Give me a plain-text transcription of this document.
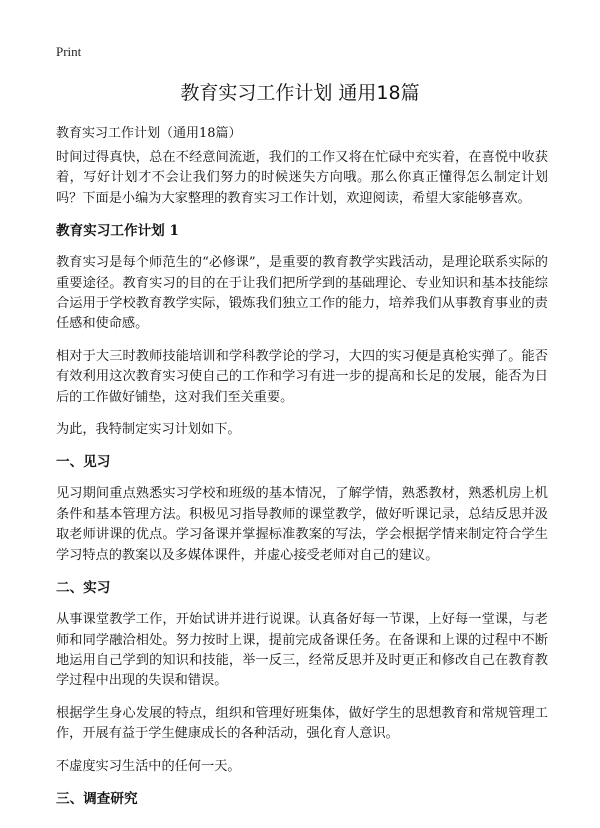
Print
教育实习工作计划 通用18篇
教育实习工作计划（通用18篇）

时间过得真快，总在不经意间流逝，我们的工作又将在忙碌中充实着，在喜悦中收获着，写好计划才不会让我们努力的时候迷失方向哦。那么你真正懂得怎么制定计划吗？下面是小编为大家整理的教育实习工作计划，欢迎阅读，希望大家能够喜欢。

教育实习工作计划 1

教育实习是每个师范生的“必修课”，是重要的教育教学实践活动，是理论联系实际的重要途径。教育实习的目的在于让我们把所学到的基础理论、专业知识和基本技能综合运用于学校教育教学实际，锻炼我们独立工作的能力，培养我们从事教育事业的责任感和使命感。

相对于大三时教师技能培训和学科教学论的学习，大四的实习便是真枪实弹了。能否有效利用这次教育实习使自己的工作和学习有进一步的提高和长足的发展，能否为日后的工作做好铺垫，这对我们至关重要。

为此，我特制定实习计划如下。

一、见习

见习期间重点熟悉实习学校和班级的基本情况，了解学情，熟悉教材，熟悉机房上机条件和基本管理方法。积极见习指导教师的课堂教学，做好听课记录，总结反思并汲取老师讲课的优点。学习备课并掌握标准教案的写法，学会根据学情来制定符合学生学习特点的教案以及多媒体课件，并虚心接受老师对自己的建议。

二、实习

从事课堂教学工作，开始试讲并进行说课。认真备好每一节课，上好每一堂课，与老师和同学融洽相处。努力按时上课，提前完成备课任务。在备课和上课的过程中不断地运用自己学到的知识和技能，举一反三，经常反思并及时更正和修改自己在教育教学过程中出现的失误和错误。

根据学生身心发展的特点，组织和管理好班集体，做好学生的思想教育和常规管理工作，开展有益于学生健康成长的各种活动，强化育人意识。

不虚度实习生活中的任何一天。

三、调查研究
